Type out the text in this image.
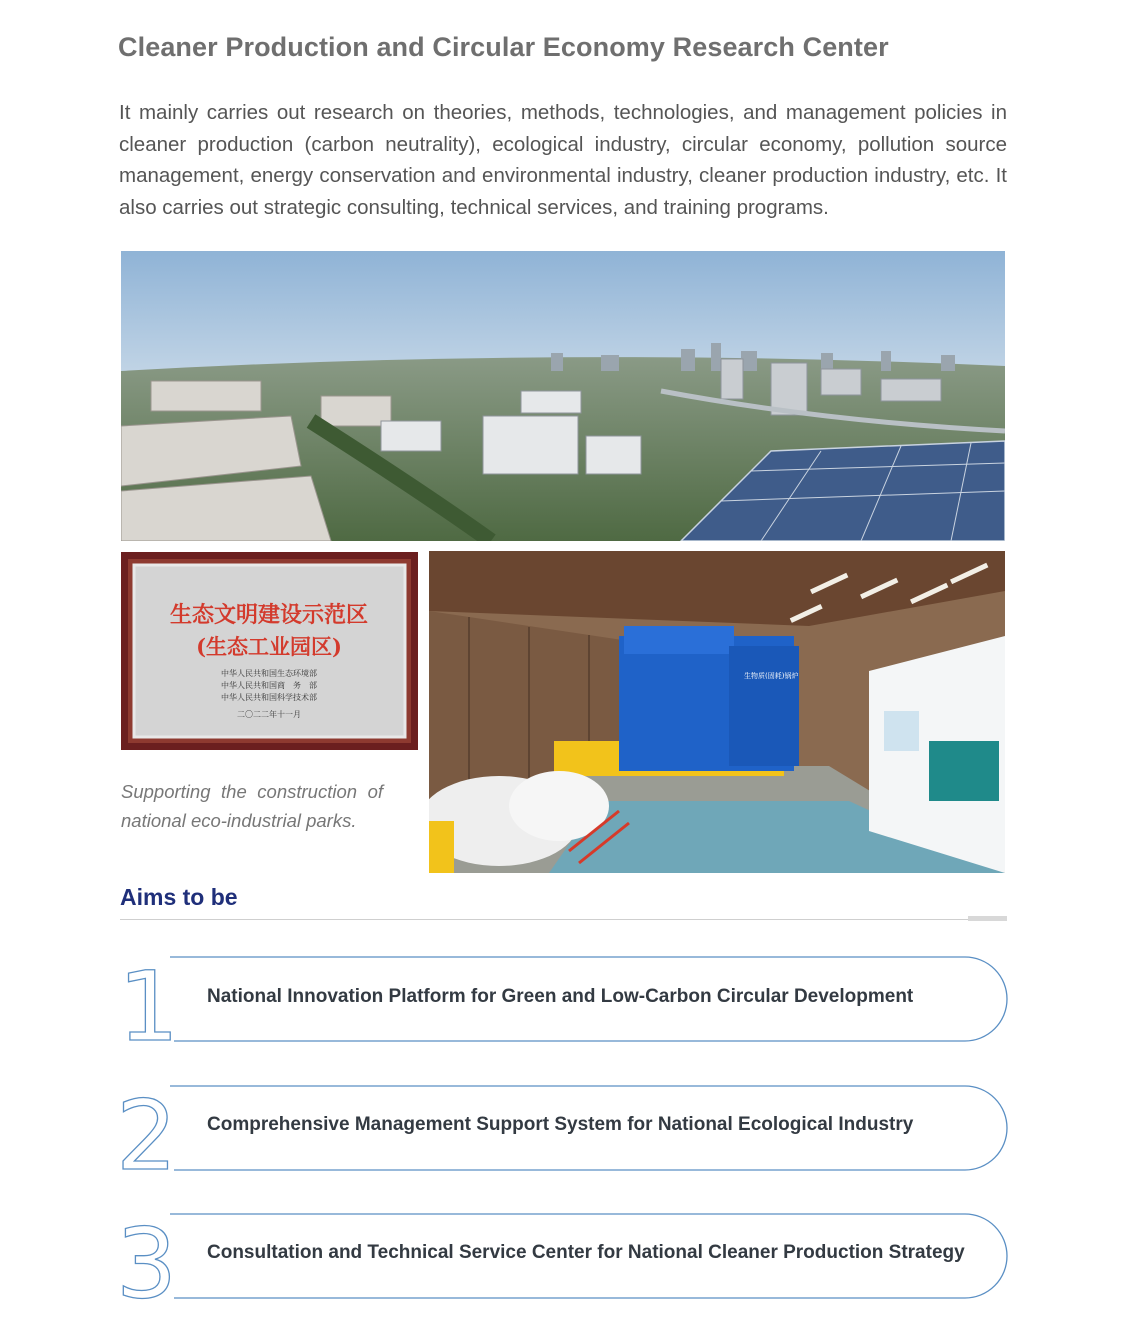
Cleaner Production and Circular Economy Research Center
It mainly carries out research on theories, methods, technologies, and management policies in cleaner production (carbon neutrality), ecological industry, circular economy, pollution source management, energy conservation and environmental industry, cleaner production industry, etc. It also carries out strategic consulting, technical services, and training programs.
生态文明建设示范区
(生态工业园区)
中华人民共和国生态环境部
中华人民共和国商　务　部
中华人民共和国科学技术部
二〇二二年十一月
Supporting the construction of national eco-industrial parks.
生物质(固耗)锅炉
Aims to be
1 National Innovation Platform for Green and Low-Carbon Circular Development
2 Comprehensive Management Support System for National Ecological Industry
3 Consultation and Technical Service Center for National Cleaner Production Strategy
